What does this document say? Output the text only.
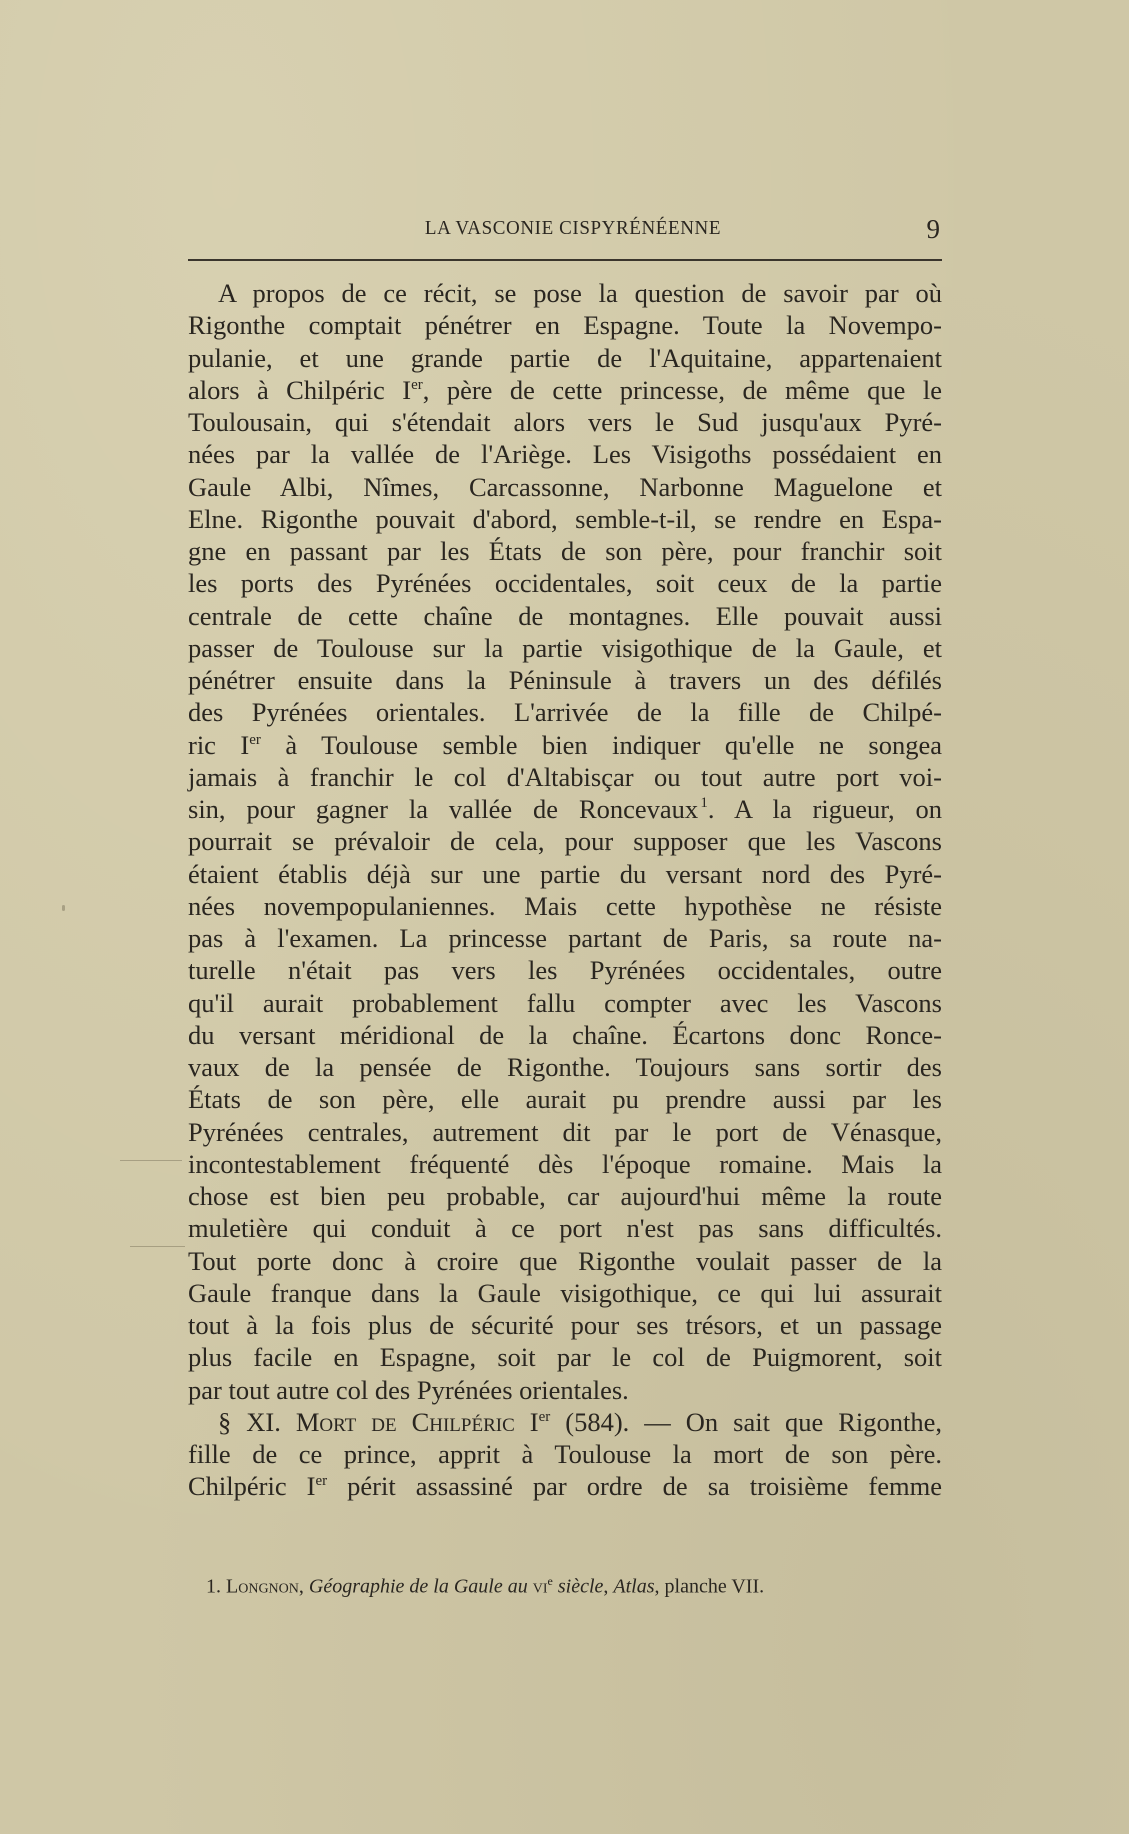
LA VASCONIE CISPYRÉNÉENNE	9
A propos de ce récit, se pose la question de savoir par où
Rigonthe comptait pénétrer en Espagne. Toute la Novempo-
pulanie, et une grande partie de l'Aquitaine, appartenaient
alors à Chilpéric Ier, père de cette princesse, de même que le
Toulousain, qui s'étendait alors vers le Sud jusqu'aux Pyré-
nées par la vallée de l'Ariège. Les Visigoths possédaient en
Gaule Albi, Nîmes, Carcassonne, Narbonne Maguelone et
Elne. Rigonthe pouvait d'abord, semble-t-il, se rendre en Espa-
gne en passant par les États de son père, pour franchir soit
les ports des Pyrénées occidentales, soit ceux de la partie
centrale de cette chaîne de montagnes. Elle pouvait aussi
passer de Toulouse sur la partie visigothique de la Gaule, et
pénétrer ensuite dans la Péninsule à travers un des défilés
des Pyrénées orientales. L'arrivée de la fille de Chilpé-
ric Ier à Toulouse semble bien indiquer qu'elle ne songea
jamais à franchir le col d'Altabisçar ou tout autre port voi-
sin, pour gagner la vallée de Roncevaux  $^1$. A la rigueur, on
pourrait se prévaloir de cela, pour supposer que les Vascons
étaient établis déjà sur une partie du versant nord des Pyré-
nées novempopulaniennes. Mais cette hypothèse ne résiste
pas à l'examen. La princesse partant de Paris, sa route na-
turelle n'était pas vers les Pyrénées occidentales, outre
qu'il aurait probablement fallu compter avec les Vascons
du versant méridional de la chaîne. Écartons donc Ronce-
vaux de la pensée de Rigonthe. Toujours sans sortir des
États de son père, elle aurait pu prendre aussi par les
Pyrénées centrales, autrement dit par le port de Vénasque,
incontestablement fréquenté dès l'époque romaine. Mais la
chose est bien peu probable, car aujourd'hui même la route
muletière qui conduit à ce port n'est pas sans difficultés.
Tout porte donc à croire que Rigonthe voulait passer de la
Gaule franque dans la Gaule visigothique, ce qui lui assurait
tout à la fois plus de sécurité pour ses trésors, et un passage
plus facile en Espagne, soit par le col de Puigmorent, soit
par tout autre col des Pyrénées orientales.
§ XI. Mort de Chilpéric Ier (584). — On sait que Rigonthe,
fille de ce prince, apprit à Toulouse la mort de son père.
Chilpéric Ier périt assassiné par ordre de sa troisième femme
1. Longnon, Géographie de la Gaule au $vi^e$ siècle, Atlas, planche VII.
